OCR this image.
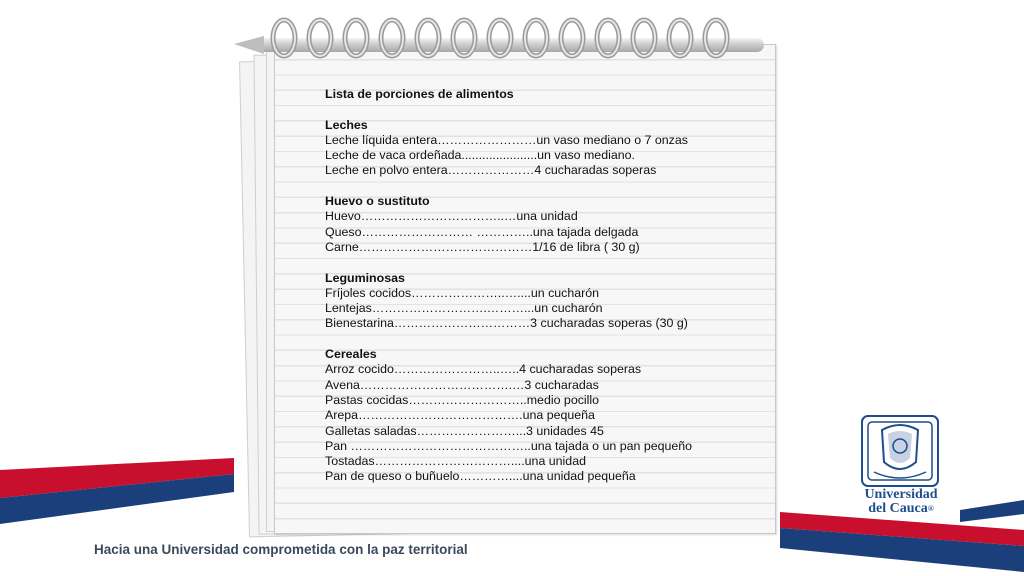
Lista de porciones de alimentos
Leches
Leche líquida entera……………………un vaso mediano o 7 onzas
Leche de vaca ordeñada......................un vaso mediano.
Leche en polvo entera…………………4 cucharadas soperas
Huevo o sustituto
Huevo……………………………..…una unidad
Queso……………………… …………..una tajada delgada
Carne……………………………………1/16 de libra ( 30 g)
Leguminosas
Fríjoles cocidos…………………..…....un cucharón
Lentejas……………………….………...un cucharón
Bienestarina……………………………3 cucharadas soperas (30 g)
Cereales
Arroz cocido……………………..…..4 cucharadas soperas
Avena……………………………….…3 cucharadas
Pastas cocidas………………………..medio pocillo
Arepa………………………………….una pequeña
Galletas saladas……………………...3 unidades 45
Pan ……………………………………..una tajada o un pan pequeño
Tostadas……………………………....una unidad
Pan de queso o buñuelo…………....una unidad pequeña
Universidad
del Cauca®
Hacia una Universidad comprometida con la paz territorial
